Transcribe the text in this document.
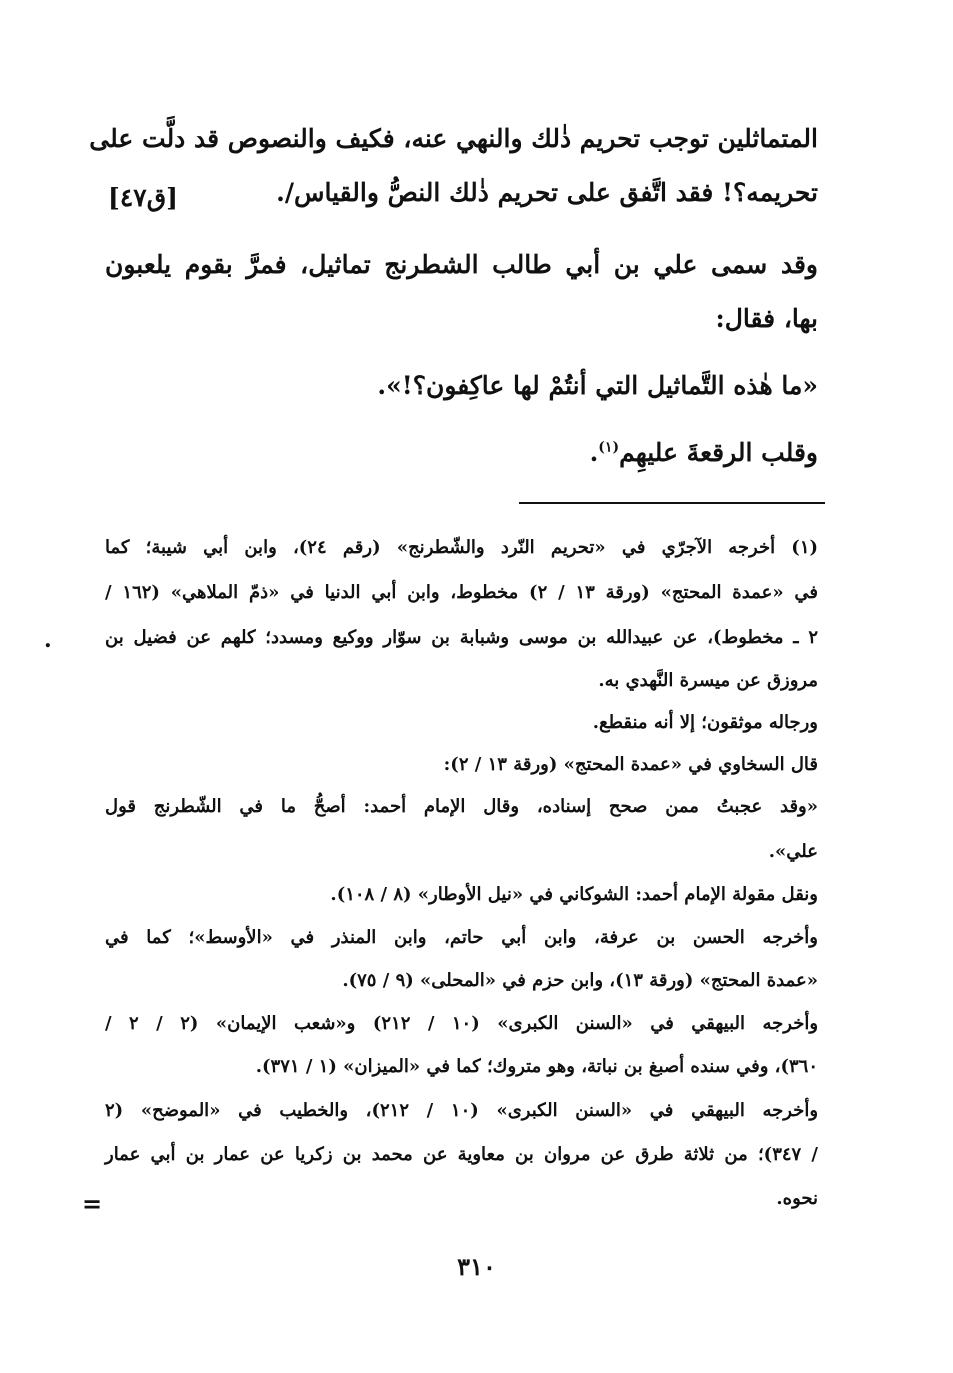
المتماثلين توجب تحريم ذٰلك والنهي عنه، فكيف والنصوص قد دلَّت على
تحريمه؟! فقد اتَّفق على تحريم ذٰلك النصُّ والقياس/.
[ق٤٧]
وقد سمى علي بن أبي طالب الشطرنج تماثيل، فمرَّ بقوم يلعبون
بها، فقال:
«ما هٰذه التَّماثيل التي أنتُمْ لها عاكِفون؟!».
وقلب الرقعةَ عليهِم$^{(١)}$.
(١) أخرجه الآجرّي في «تحريم النّرد والشّطرنج» (رقم ٢٤)، وابن أبي شيبة؛ كما
في «عمدة المحتج» (ورقة ١٣ / ٢) مخطوط، وابن أبي الدنيا في «ذمّ الملاهي» (١٦٢ /
٢ ـ مخطوط)، عن عبيدالله بن موسى وشبابة بن سوّار ووكيع ومسدد؛ كلهم عن فضيل بن
مروزق عن ميسرة النَّهدي به.
ورجاله موثقون؛ إلا أنه منقطع.
قال السخاوي في «عمدة المحتج» (ورقة ١٣ / ٢):
«وقد عجبتُ ممن صحح إسناده، وقال الإمام أحمد: أصحُّ ما في الشّطرنج قول
علي».
ونقل مقولة الإمام أحمد: الشوكاني في «نيل الأوطار» (٨ / ١٠٨).
وأخرجه الحسن بن عرفة، وابن أبي حاتم، وابن المنذر في «الأوسط»؛ كما في
«عمدة المحتج» (ورقة ١٣)، وابن حزم في «المحلى» (٩ / ٧٥).
وأخرجه البيهقي في «السنن الكبرى» (١٠ / ٢١٢) و«شعب الإيمان» (٢ / ٢ /
٣٦٠)، وفي سنده أصبغ بن نباتة، وهو متروك؛ كما في «الميزان» (١ / ٣٧١).
وأخرجه البيهقي في «السنن الكبرى» (١٠ / ٢١٢)، والخطيب في «الموضح» (٢
/ ٣٤٧)؛ من ثلاثة طرق عن مروان بن معاوية عن محمد بن زكريا عن عمار بن أبي عمار
نحوه.
.
=
٣١٠
